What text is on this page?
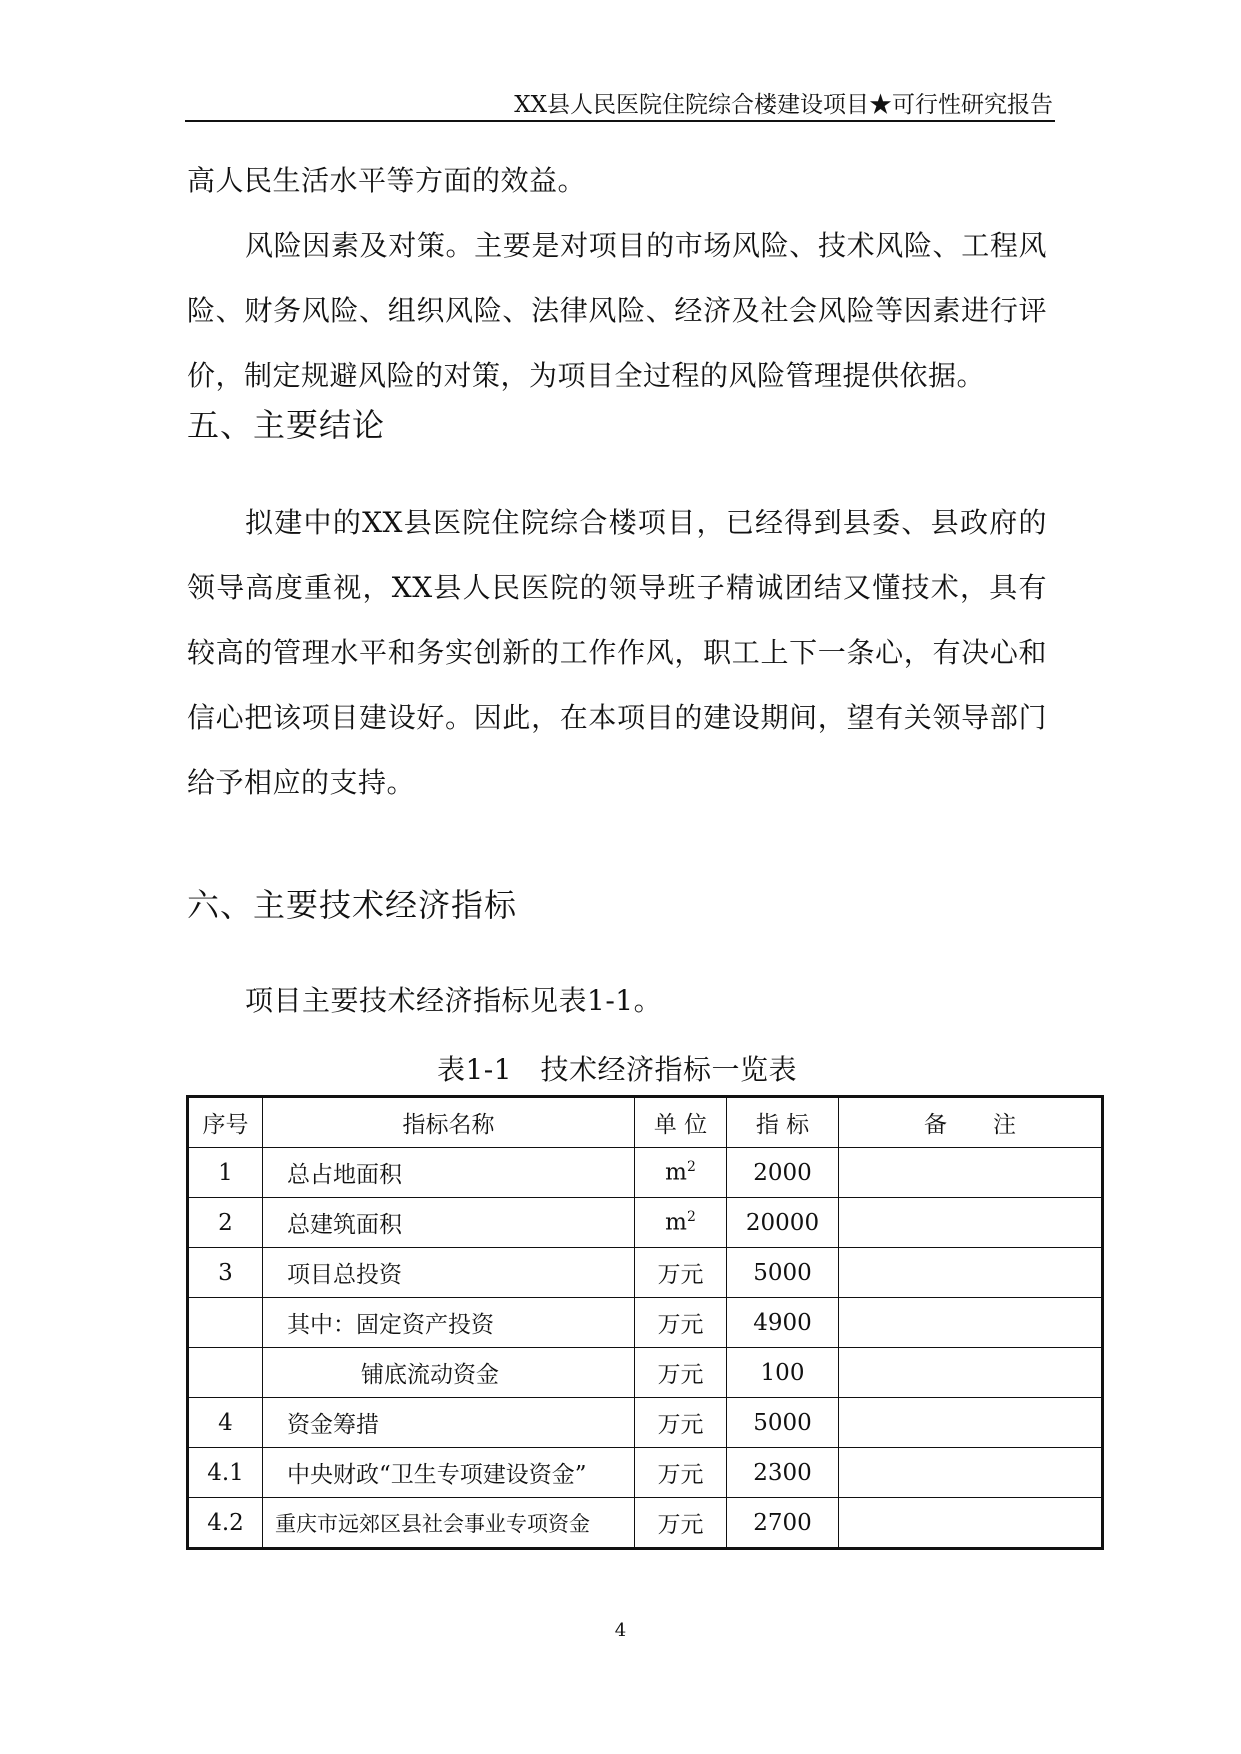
XX县人民医院住院综合楼建设项目★可行性研究报告

高人民生活水平等方面的效益。

风险因素及对策。主要是对项目的市场风险、技术风险、工程风险、财务风险、组织风险、法律风险、经济及社会风险等因素进行评价，制定规避风险的对策，为项目全过程的风险管理提供依据。

五、主要结论

拟建中的XX县医院住院综合楼项目，已经得到县委、县政府的领导高度重视，XX县人民医院的领导班子精诚团结又懂技术，具有较高的管理水平和务实创新的工作作风，职工上下一条心，有决心和信心把该项目建设好。因此，在本项目的建设期间，望有关领导部门给予相应的支持。

六、主要技术经济指标

项目主要技术经济指标见表1-1。

表1-1　技术经济指标一览表
序号	指标名称	单 位	指 标	备　　注
1	总占地面积	$m^2$	2000	
2	总建筑面积	$m^2$	20000	
3	项目总投资	万元	5000	
	其中：固定资产投资	万元	4900	
	铺底流动资金	万元	100	
4	资金筹措	万元	5000	
4.1	中央财政“卫生专项建设资金”	万元	2300	
4.2	重庆市远郊区县社会事业专项资金	万元	2700	
4
